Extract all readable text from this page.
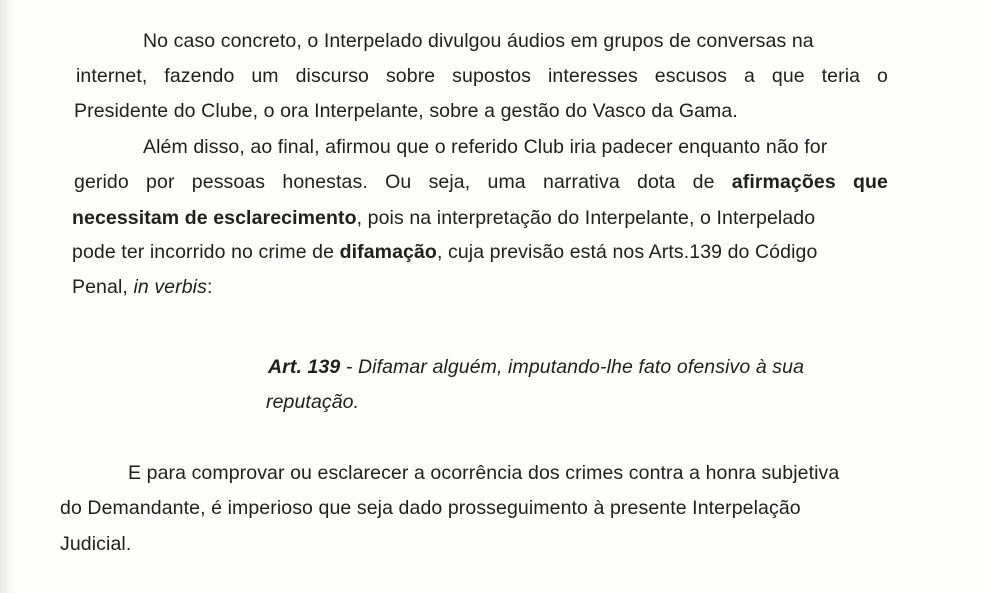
No caso concreto, o Interpelado divulgou áudios em grupos de conversas na
internet, fazendo um discurso sobre supostos interesses escusos a que teria o
Presidente do Clube, o ora Interpelante, sobre a gestão do Vasco da Gama.
Além disso, ao final, afirmou que o referido Club iria padecer enquanto não for
gerido por pessoas honestas. Ou seja, uma narrativa dota de afirmações que
necessitam de esclarecimento, pois na interpretação do Interpelante, o Interpelado
pode ter incorrido no crime de difamação, cuja previsão está nos Arts.139 do Código
Penal, in verbis:
Art. 139 - Difamar alguém, imputando-lhe fato ofensivo à sua
reputação.
E para comprovar ou esclarecer a ocorrência dos crimes contra a honra subjetiva
do Demandante, é imperioso que seja dado prosseguimento à presente Interpelação
Judicial.
